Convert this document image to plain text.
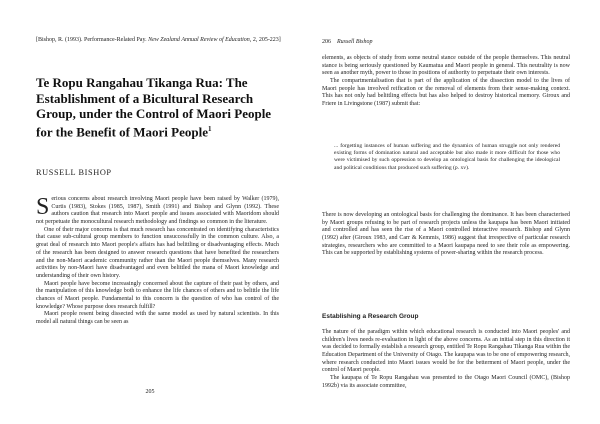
[Bishop, R. (1993). Performance-Related Pay. New Zealand Annual Review of Education, 2, 205-223]
Te Ropu Rangahau Tikanga Rua: The Establishment of a Bicultural Research Group, under the Control of Maori People for the Benefit of Maori People$^1$
RUSSELL BISHOP

Serious concerns about research involving Maori people have been raised by Walker (1979), Curtis (1983), Stokes (1985, 1987), Smith (1991) and Bishop and Glynn (1992). These authors caution that research into Maori people and issues associated with Maoridom should not perpetuate the monocultural research methodology and findings so common in the literature.

One of their major concerns is that much research has concentrated on identifying characteristics that cause sub-cultural group members to function unsuccessfully in the common culture. Also, a great deal of research into Maori people's affairs has had belittling or disadvantaging effects. Much of the research has been designed to answer research questions that have benefited the researchers and the non-Maori academic community rather than the Maori people themselves. Many research activities by non-Maori have disadvantaged and even belittled the mana of Maori knowledge and understanding of their own history.

Maori people have become increasingly concerned about the capture of their past by others, and the manipulation of this knowledge both to enhance the life chances of others and to belittle the life chances of Maori people. Fundamental to this concern is the question of who has control of the knowledge? Whose purpose does research fulfill?

Maori people resent being dissected with the same model as used by natural scientists. In this model all natural things can be seen as

205
206 Russell Bishop

elements, as objects of study from some neutral stance outside of the people themselves. This neutral stance is being seriously questioned by Kaumatua and Maori people in general. This neutrality is now seen as another myth, power to those in positions of authority to perpetuate their own interests.

The compartmentalisation that is part of the application of the dissection model to the lives of Maori people has involved reification or the removal of elements from their sense-making context. This has not only had belittling effects but has also helped to destroy historical memory. Giroux and Friere in Livingstone (1987) submit that:

... forgetting instances of human suffering and the dynamics of human struggle not only rendered existing forms of domination natural and acceptable but also made it more difficult for those who were victimised by such oppression to develop an ontological basis for challenging the ideological and political conditions that produced such suffering (p. xv).

There is now developing an ontological basis for challenging the dominance. It has been characterised by Maori groups refusing to be part of research projects unless the kaupapa has been Maori initiated and controlled and has seen the rise of a Maori controlled interactive research. Bishop and Glynn (1992) after (Giroux 1983, and Carr & Kemmis, 1986) suggest that irrespective of particular research strategies, researchers who are committed to a Maori kaupapa need to see their role as empowering. This can be supported by establishing systems of power-sharing within the research process.

Establishing a Research Group

The nature of the paradigm within which educational research is conducted into Maori peoples' and children's lives needs re-evaluation in light of the above concerns. As an initial step in this direction it was decided to formally establish a research group, entitled Te Ropu Rangahau Tikanga Rua within the Education Department of the University of Otago. The kaupapa was to be one of empowering research, where research conducted into Maori issues would be for the betterment of Maori people, under the control of Maori people.

The kaupapa of Te Ropu Rangahau was presented to the Otago Maori Council (OMC), (Bishop 1992b) via its associate committee,
